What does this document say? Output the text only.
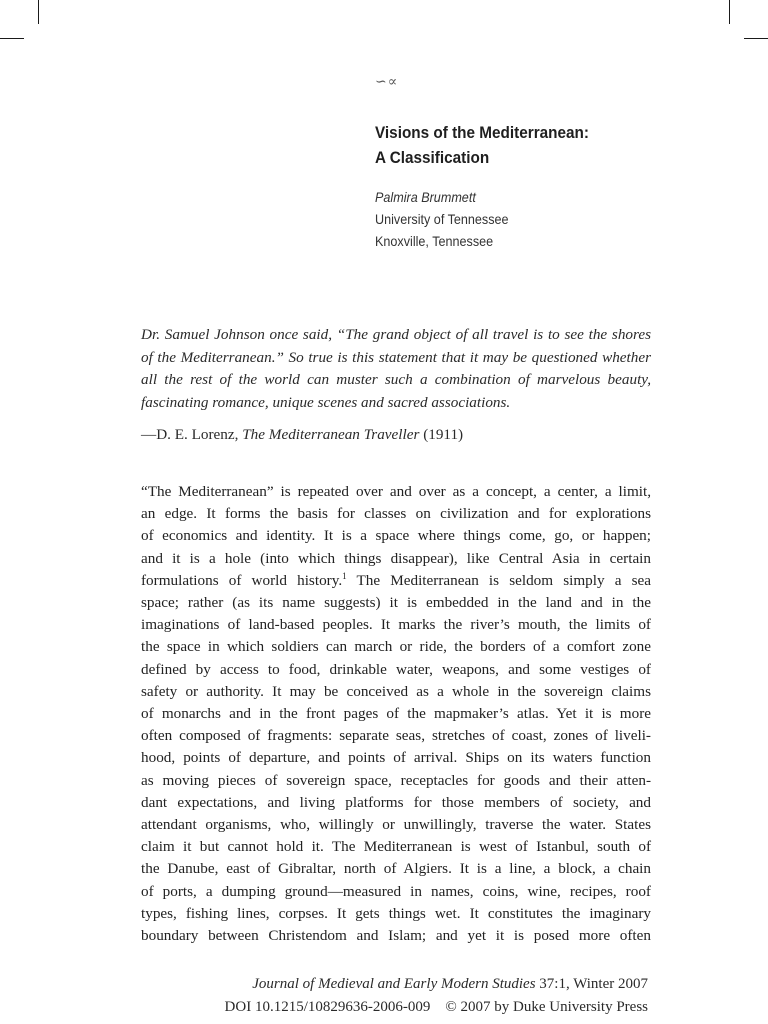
∽∝
Visions of the Mediterranean:
A Classification
Palmira Brummett
University of Tennessee
Knoxville, Tennessee
Dr. Samuel Johnson once said, “The grand object of all travel is to see the shores of the Mediterranean.” So true is this statement that it may be questioned whether all the rest of the world can muster such a combination of marvelous beauty, fascinating romance, unique scenes and sacred associations.
—D. E. Lorenz, The Mediterranean Traveller (1911)
“The Mediterranean” is repeated over and over as a concept, a center, a limit,
an edge. It forms the basis for classes on civilization and for explorations
of economics and identity. It is a space where things come, go, or happen;
and it is a hole (into which things disappear), like Central Asia in certain
formulations of world history.$^1$ The Mediterranean is seldom simply a sea
space; rather (as its name suggests) it is embedded in the land and in the
imaginations of land-based peoples. It marks the river’s mouth, the limits of
the space in which soldiers can march or ride, the borders of a comfort zone
defined by access to food, drinkable water, weapons, and some vestiges of
safety or authority. It may be conceived as a whole in the sovereign claims
of monarchs and in the front pages of the mapmaker’s atlas. Yet it is more
often composed of fragments: separate seas, stretches of coast, zones of liveli-
hood, points of departure, and points of arrival. Ships on its waters function
as moving pieces of sovereign space, receptacles for goods and their atten-
dant expectations, and living platforms for those members of society, and
attendant organisms, who, willingly or unwillingly, traverse the water. States
claim it but cannot hold it. The Mediterranean is west of Istanbul, south of
the Danube, east of Gibraltar, north of Algiers. It is a line, a block, a chain
of ports, a dumping ground—measured in names, coins, wine, recipes, roof
types, fishing lines, corpses. It gets things wet. It constitutes the imaginary
boundary between Christendom and Islam; and yet it is posed more often
Journal of Medieval and Early Modern Studies 37:1, Winter 2007
DOI 10.1215/10829636-2006-009 © 2007 by Duke University Press
